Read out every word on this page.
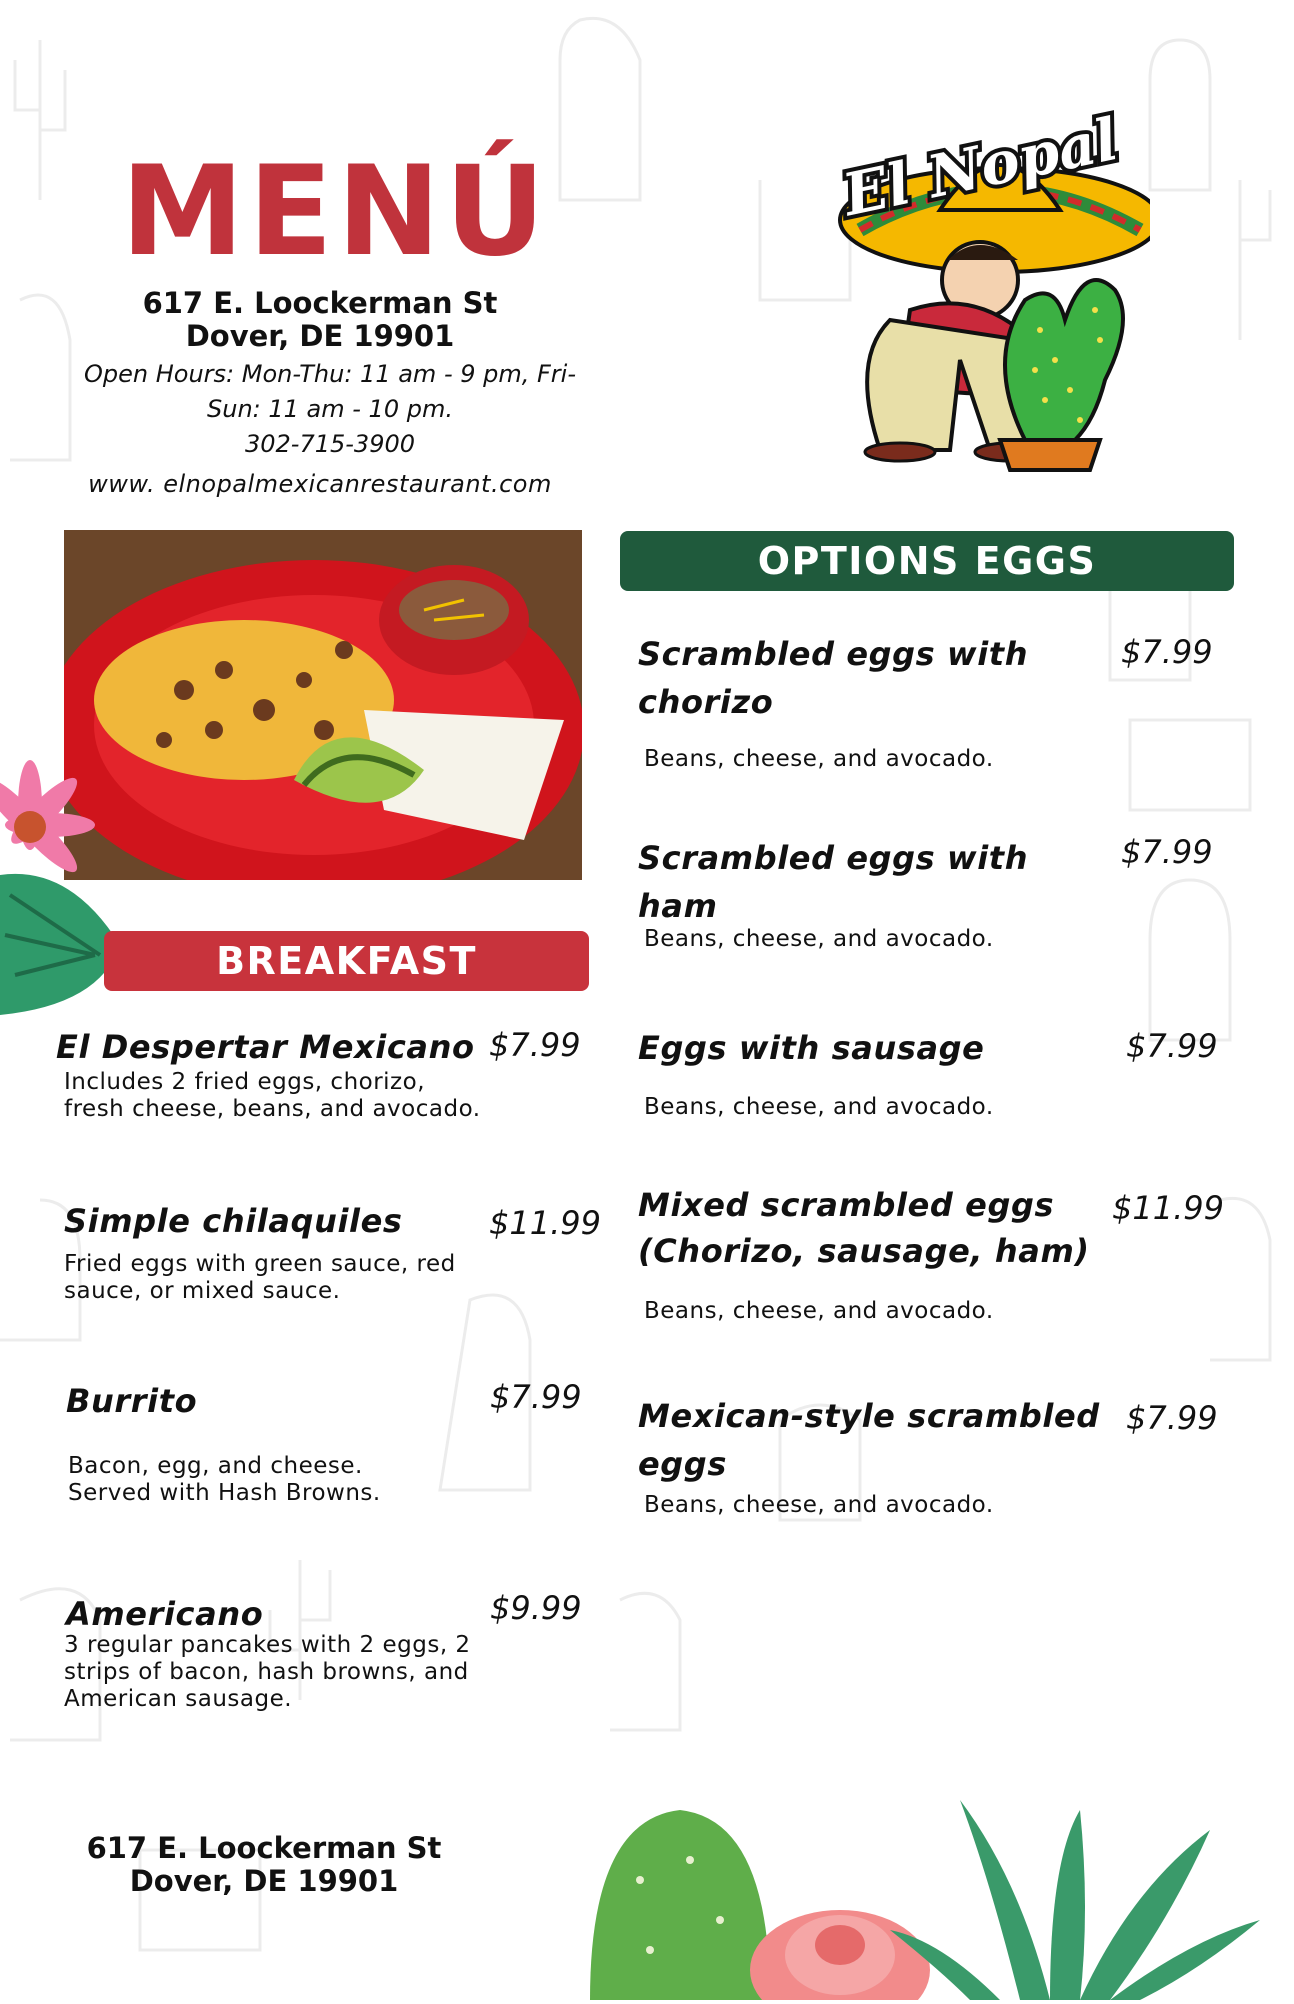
MENÚ
617 E. Loockerman St
Dover, DE 19901
Open Hours: Mon-Thu: 11 am - 9 pm, Fri-
Sun: 11 am - 10 pm.
302-715-3900
www. elnopalmexicanrestaurant.com
El Nopal
BREAKFAST
OPTIONS EGGS
El Despertar Mexicano $7.99
Includes 2 fried eggs, chorizo,
fresh cheese, beans, and avocado.
Simple chilaquiles	$11.99
Fried eggs with green sauce, red
sauce, or mixed sauce.
Burrito	$7.99
Bacon, egg, and cheese.
Served with Hash Browns.
Americano	$9.99
3 regular pancakes with 2 eggs, 2
strips of bacon, hash browns, and
American sausage.
Scrambled eggs with
chorizo
$7.99
Beans, cheese, and avocado.
Scrambled eggs with
ham
$7.99
Beans, cheese, and avocado.
Eggs with sausage	$7.99
Beans, cheese, and avocado.
Mixed scrambled eggs
(Chorizo, sausage, ham)
$11.99
Beans, cheese, and avocado.
Mexican-style scrambled
eggs
$7.99
Beans, cheese, and avocado.
617 E. Loockerman St
Dover, DE 19901
